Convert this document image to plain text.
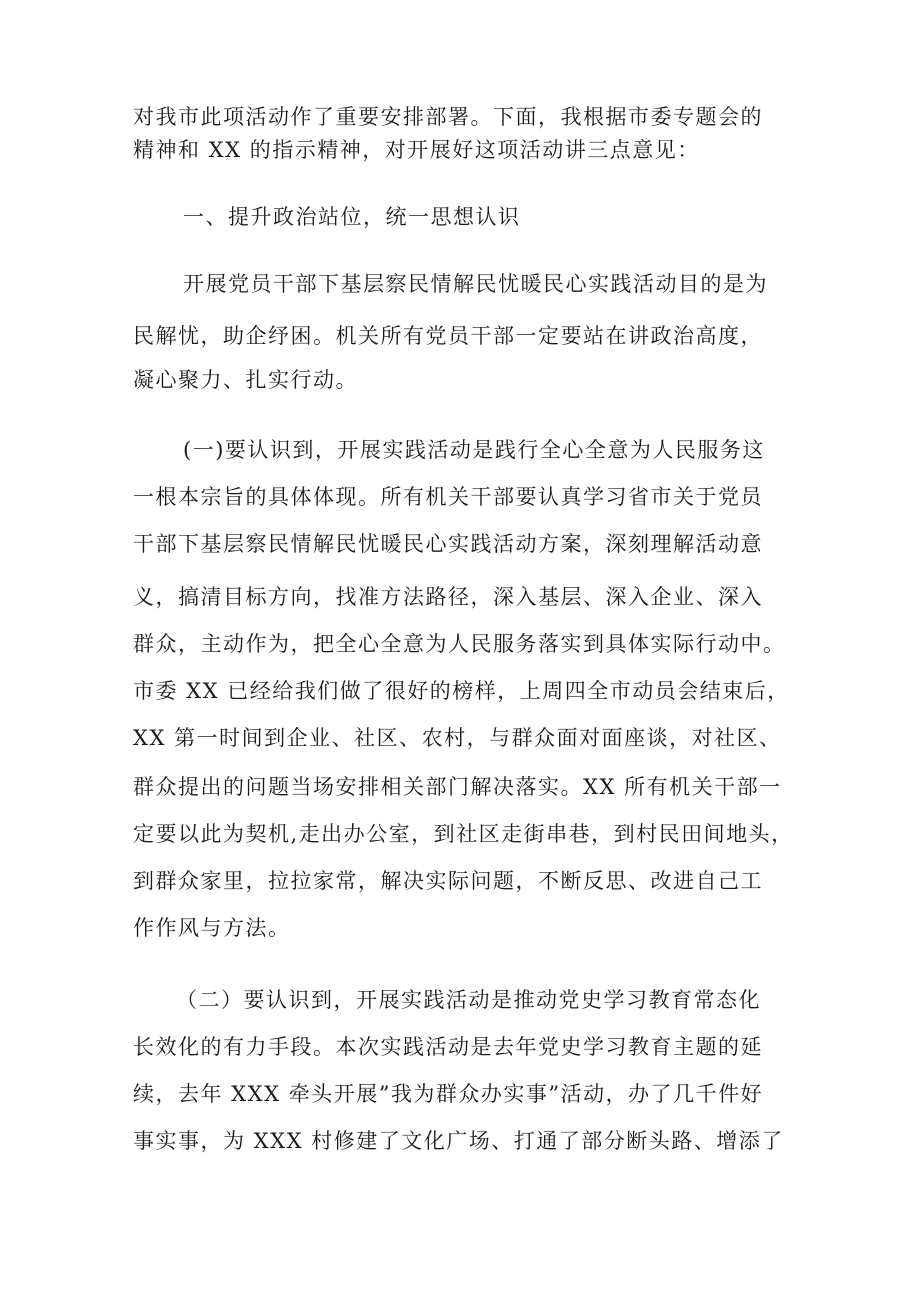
对我市此项活动作了重要安排部署。下面，我根据市委专题会的
精神和 XX 的指示精神，对开展好这项活动讲三点意见：
一、提升政治站位，统一思想认识
开展党员干部下基层察民情解民忧暖民心实践活动目的是为
民解忧，助企纾困。机关所有党员干部一定要站在讲政治高度，
凝心聚力、扎实行动。
(一)要认识到，开展实践活动是践行全心全意为人民服务这
一根本宗旨的具体体现。所有机关干部要认真学习省市关于党员
干部下基层察民情解民忧暖民心实践活动方案，深刻理解活动意
义，搞清目标方向，找准方法路径，深入基层、深入企业、深入
群众，主动作为，把全心全意为人民服务落实到具体实际行动中。
市委 XX 已经给我们做了很好的榜样，上周四全市动员会结束后，
XX 第一时间到企业、社区、农村，与群众面对面座谈，对社区、
群众提出的问题当场安排相关部门解决落实。XX 所有机关干部一
定要以此为契机,走出办公室，到社区走街串巷，到村民田间地头，
到群众家里，拉拉家常，解决实际问题，不断反思、改进自己工
作作风与方法。
（二）要认识到，开展实践活动是推动党史学习教育常态化
长效化的有力手段。本次实践活动是去年党史学习教育主题的延
续，去年 XXX 牵头开展”我为群众办实事”活动，办了几千件好
事实事，为 XXX 村修建了文化广场、打通了部分断头路、增添了
